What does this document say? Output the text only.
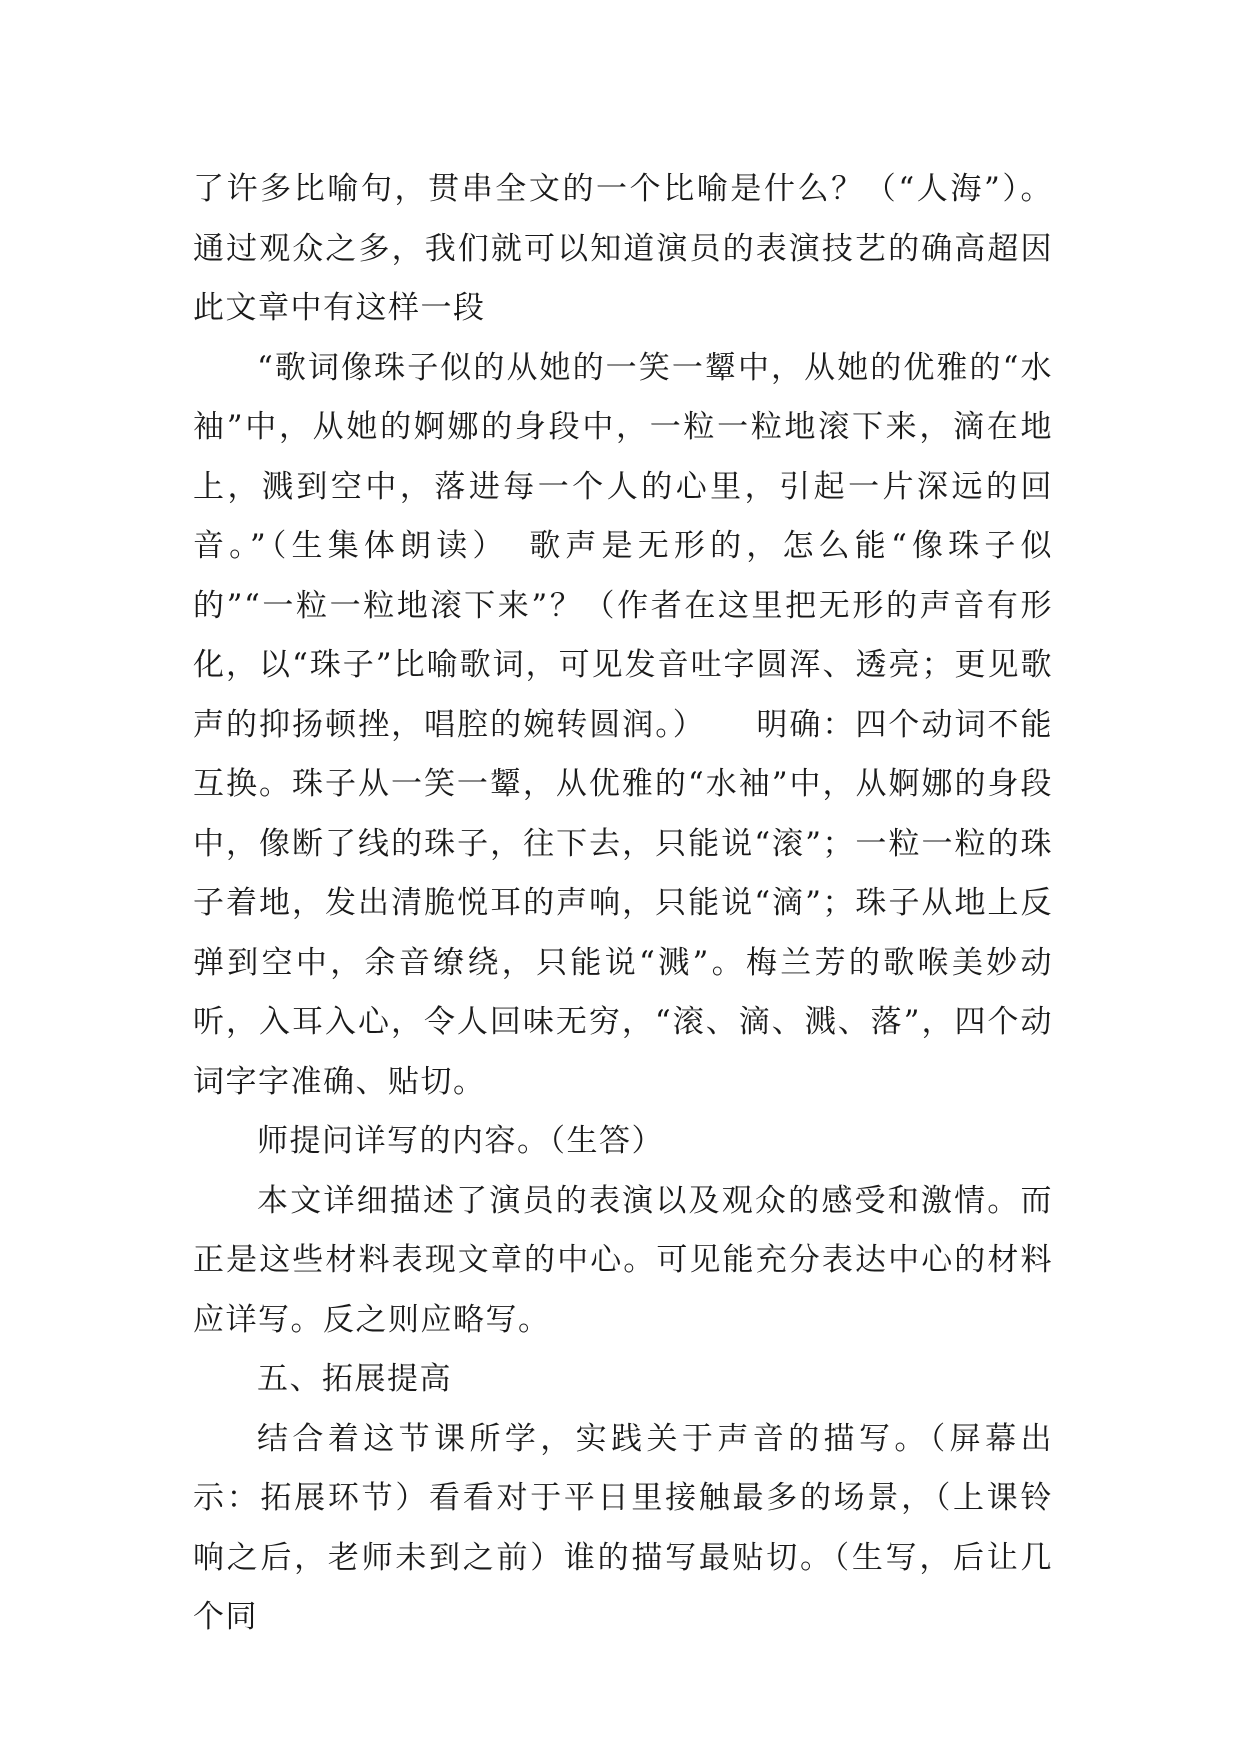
了许多比喻句，贯串全文的一个比喻是什么？（“人海”）。通过观众之多，我们就可以知道演员的表演技艺的确高超因此文章中有这样一段

“歌词像珠子似的从她的一笑一颦中，从她的优雅的“水袖”中，从她的婀娜的身段中，一粒一粒地滚下来，滴在地上，溅到空中，落进每一个人的心里，引起一片深远的回音。”（生集体朗读）　歌声是无形的，怎么能“像珠子似的”“一粒一粒地滚下来”？（作者在这里把无形的声音有形化，以“珠子”比喻歌词，可见发音吐字圆浑、透亮；更见歌声的抑扬顿挫，唱腔的婉转圆润。）　　明确：四个动词不能互换。珠子从一笑一颦，从优雅的“水袖”中，从婀娜的身段中，像断了线的珠子，往下去，只能说“滚”；一粒一粒的珠子着地，发出清脆悦耳的声响，只能说“滴”；珠子从地上反弹到空中，余音缭绕，只能说“溅”。梅兰芳的歌喉美妙动听，入耳入心，令人回味无穷，“滚、滴、溅、落”，四个动词字字准确、贴切。

师提问详写的内容。（生答）

本文详细描述了演员的表演以及观众的感受和激情。而正是这些材料表现文章的中心。可见能充分表达中心的材料应详写。反之则应略写。

五、拓展提高

结合着这节课所学，实践关于声音的描写。（屏幕出示：拓展环节）看看对于平日里接触最多的场景，（上课铃响之后，老师未到之前）谁的描写最贴切。（生写，后让几个同
